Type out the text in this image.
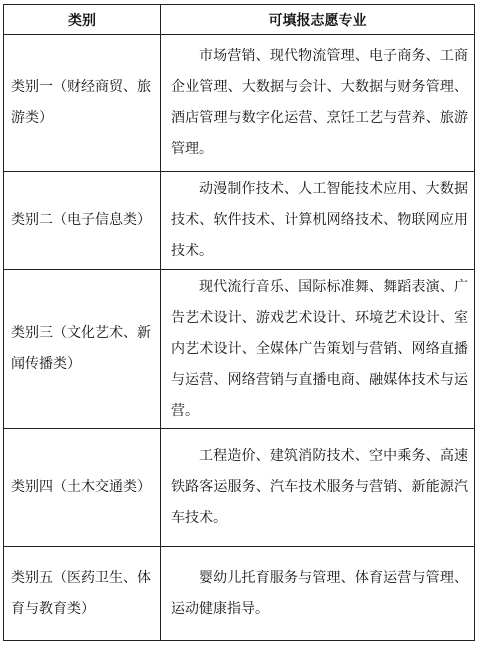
类别	可填报志愿专业
类别一（财经商贸、旅游类）	市场营销、现代物流管理、电子商务、工商企业管理、大数据与会计、大数据与财务管理、酒店管理与数字化运营、烹饪工艺与营养、旅游管理。
类别二（电子信息类）	动漫制作技术、人工智能技术应用、大数据技术、软件技术、计算机网络技术、物联网应用技术。
类别三（文化艺术、新闻传播类）	现代流行音乐、国际标准舞、舞蹈表演、广告艺术设计、游戏艺术设计、环境艺术设计、室内艺术设计、全媒体广告策划与营销、网络直播与运营、网络营销与直播电商、融媒体技术与运营。
类别四（土木交通类）	工程造价、建筑消防技术、空中乘务、高速铁路客运服务、汽车技术服务与营销、新能源汽车技术。
类别五（医药卫生、体育与教育类）	婴幼儿托育服务与管理、体育运营与管理、运动健康指导。
